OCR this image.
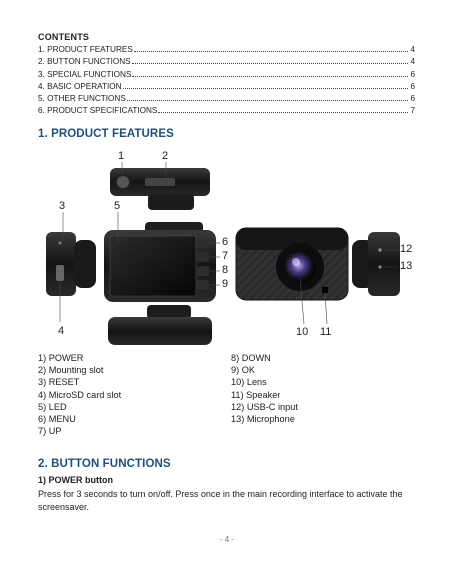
CONTENTS
1. PRODUCT FEATURES	4
2. BUTTON FUNCTIONS	4
3. SPECIAL FUNCTIONS	6
4. BASIC OPERATION	6
5. OTHER FUNCTIONS	6
6. PRODUCT SPECIFICATIONS	7
1. PRODUCT FEATURES
1	2
3	5
6
7
8
9
12
13
4	10 11
1) POWER
2) Mounting slot
3) RESET
4) MicroSD card slot
5) LED
6) MENU
7) UP
8) DOWN
9) OK
10) Lens
11) Speaker
12) USB-C input
13) Microphone
2. BUTTON FUNCTIONS
1) POWER button
Press for 3 seconds to turn on/off. Press once in the main recording interface to activate the screensaver.
- 4 -
